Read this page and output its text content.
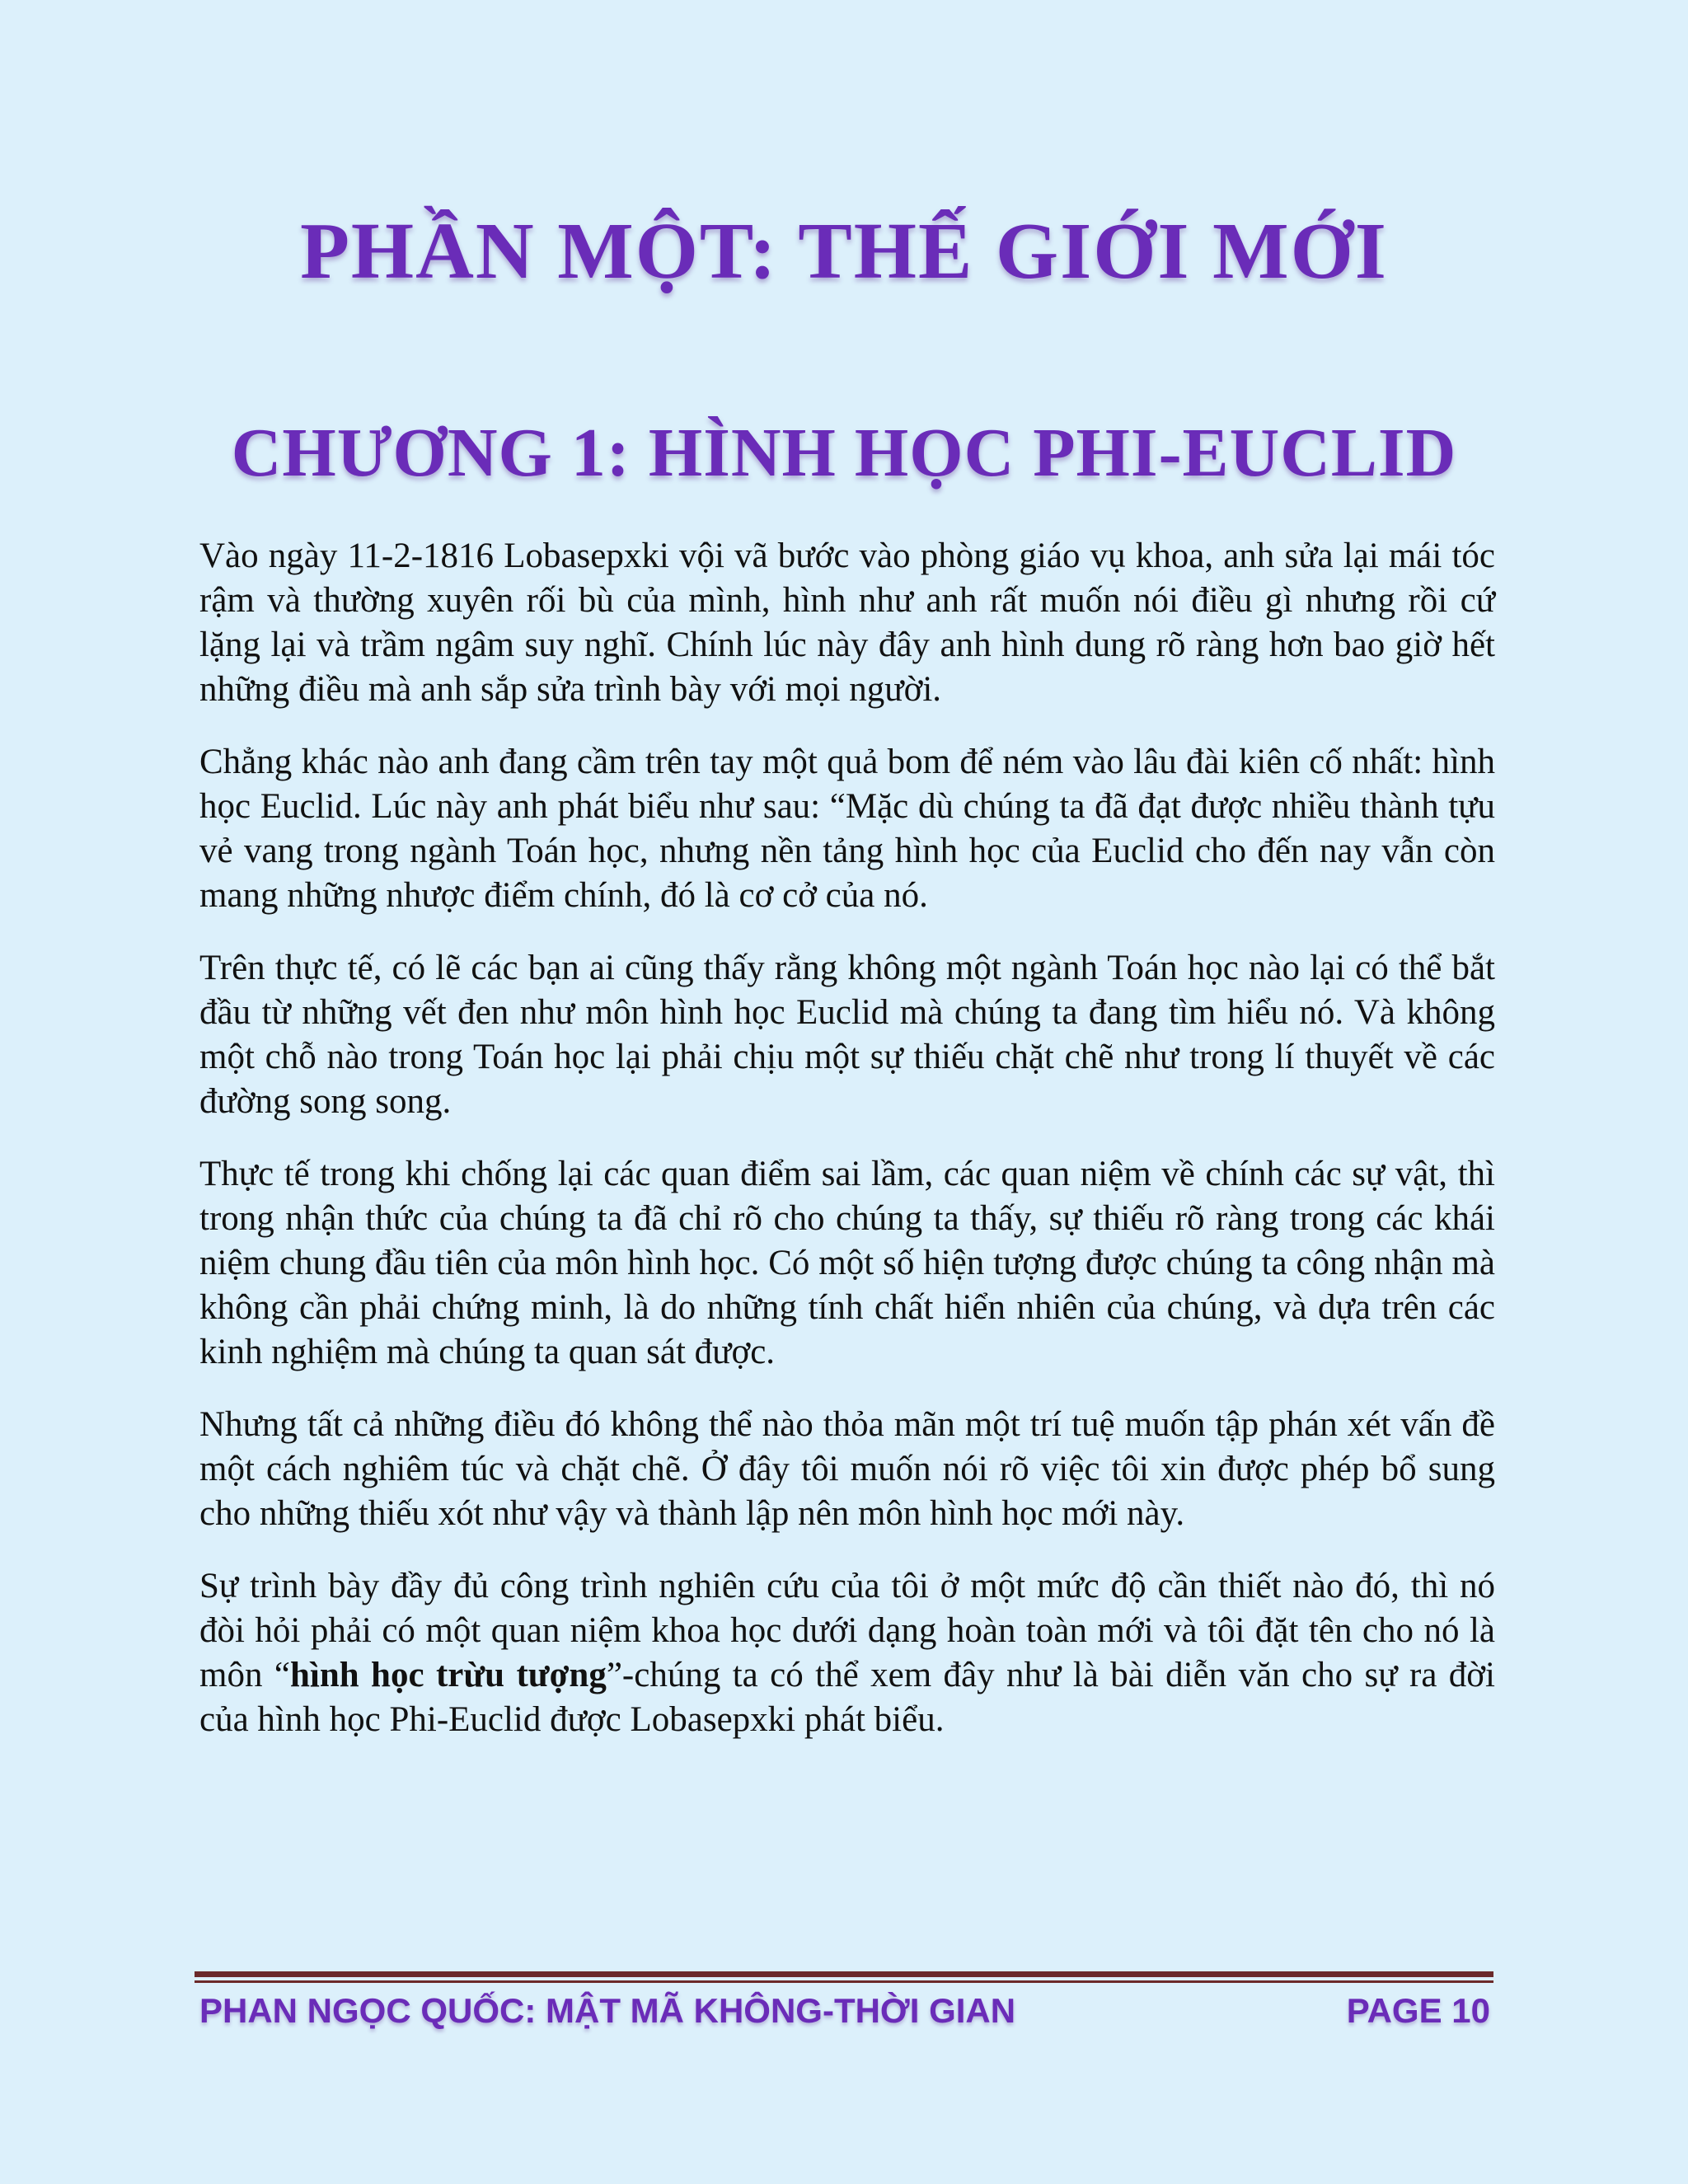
PHẦN MỘT: THẾ GIỚI MỚI
CHƯƠNG 1: HÌNH HỌC PHI-EUCLID

Vào ngày 11-2-1816 Lobasepxki vội vã bước vào phòng giáo vụ khoa, anh sửa lại mái tóc rậm và thường xuyên rối bù của mình, hình như anh rất muốn nói điều gì nhưng rồi cứ lặng lại và trầm ngâm suy nghĩ. Chính lúc này đây anh hình dung rõ ràng hơn bao giờ hết những điều mà anh sắp sửa trình bày với mọi người.

Chẳng khác nào anh đang cầm trên tay một quả bom để ném vào lâu đài kiên cố nhất: hình học Euclid. Lúc này anh phát biểu như sau: “Mặc dù chúng ta đã đạt được nhiều thành tựu vẻ vang trong ngành Toán học, nhưng nền tảng hình học của Euclid cho đến nay vẫn còn mang những nhược điểm chính, đó là cơ cở của nó.

Trên thực tế, có lẽ các bạn ai cũng thấy rằng không một ngành Toán học nào lại có thể bắt đầu từ những vết đen như môn hình học Euclid mà chúng ta đang tìm hiểu nó. Và không một chỗ nào trong Toán học lại phải chịu một sự thiếu chặt chẽ như trong lí thuyết về các đường song song.

Thực tế trong khi chống lại các quan điểm sai lầm, các quan niệm về chính các sự vật, thì trong nhận thức của chúng ta đã chỉ rõ cho chúng ta thấy, sự thiếu rõ ràng trong các khái niệm chung đầu tiên của môn hình học. Có một số hiện tượng được chúng ta công nhận mà không cần phải chứng minh, là do những tính chất hiển nhiên của chúng, và dựa trên các kinh nghiệm mà chúng ta quan sát được.

Nhưng tất cả những điều đó không thể nào thỏa mãn một trí tuệ muốn tập phán xét vấn đề một cách nghiêm túc và chặt chẽ. Ở đây tôi muốn nói rõ việc tôi xin được phép bổ sung cho những thiếu xót như vậy và thành lập nên môn hình học mới này.

Sự trình bày đầy đủ công trình nghiên cứu của tôi ở một mức độ cần thiết nào đó, thì nó đòi hỏi phải có một quan niệm khoa học dưới dạng hoàn toàn mới và tôi đặt tên cho nó là môn “hình học trừu tượng”-chúng ta có thể xem đây như là bài diễn văn cho sự ra đời của hình học Phi-Euclid được Lobasepxki phát biểu.

PHAN NGỌC QUỐC: MẬT MÃ KHÔNG-THỜI GIAN	PAGE 10
